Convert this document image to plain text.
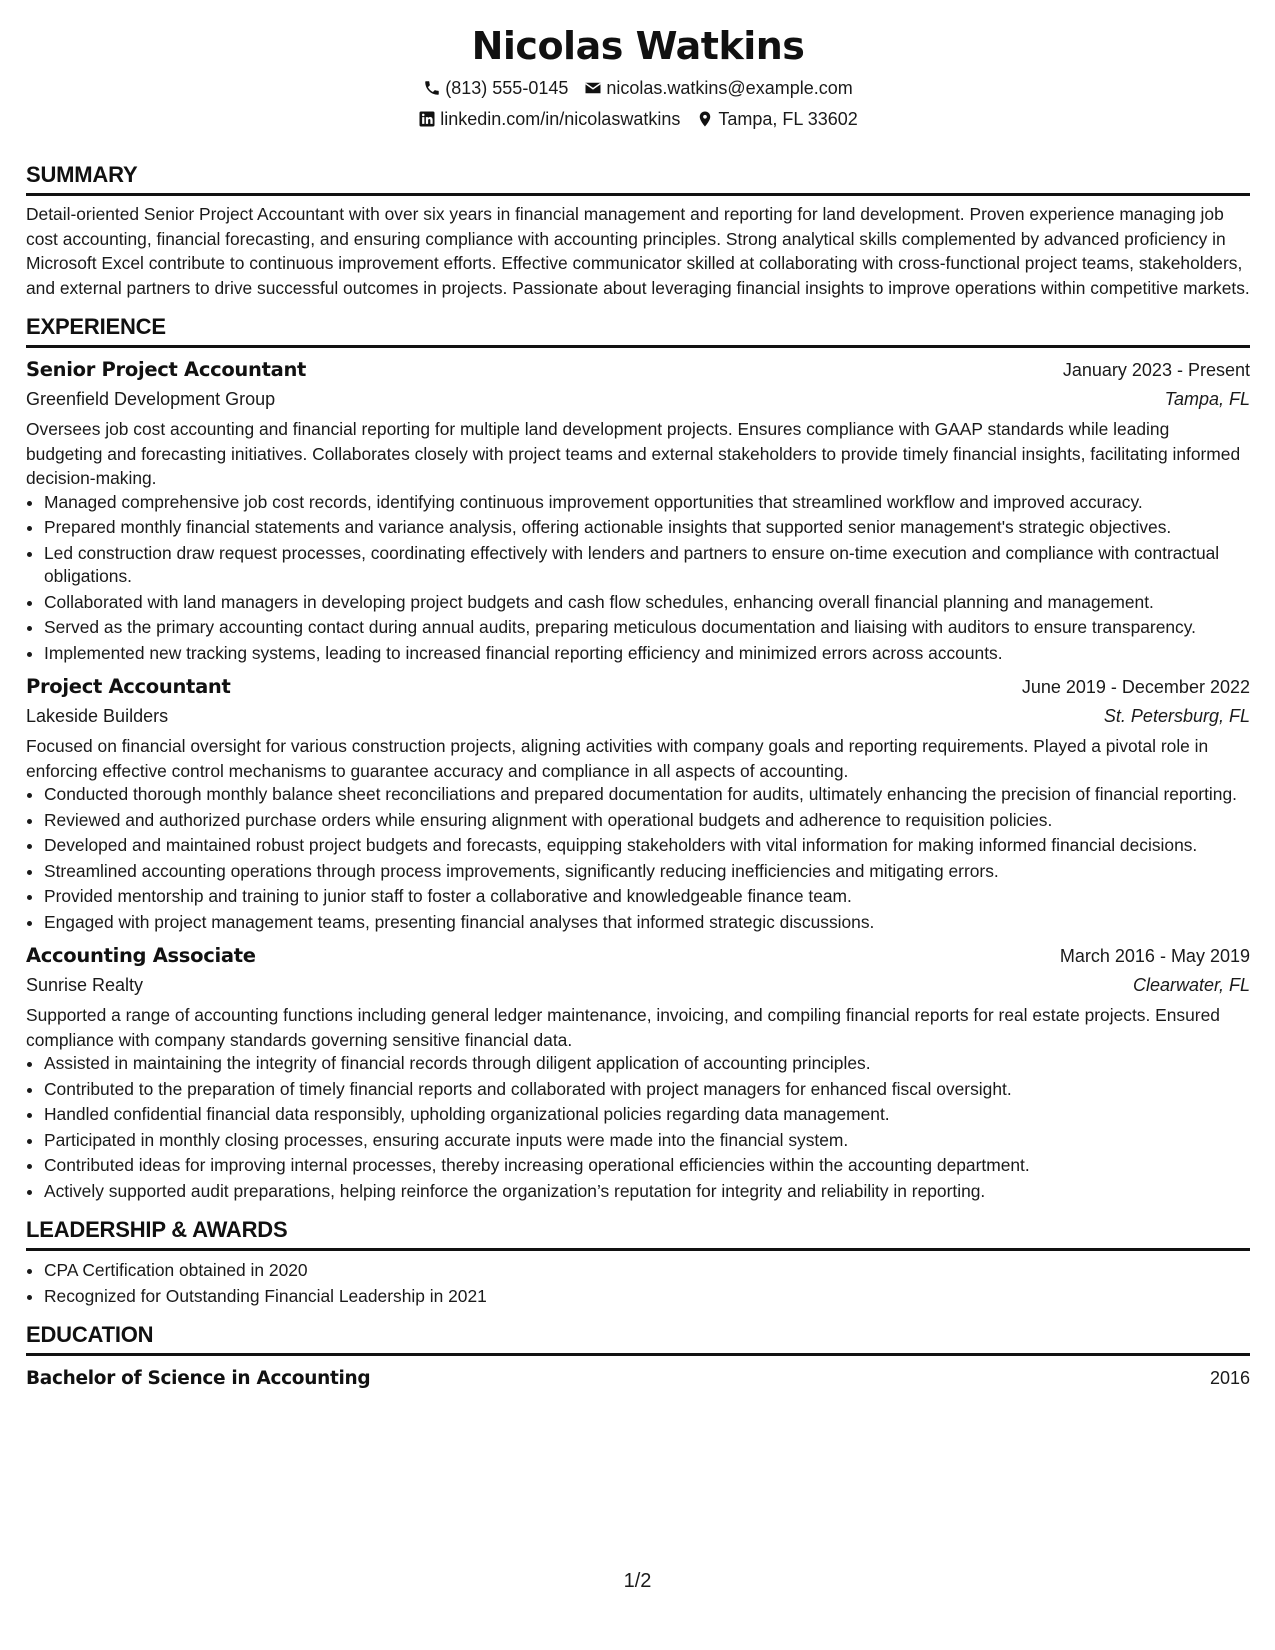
Nicolas Watkins
(813) 555-0145 nicolas.watkins@example.com
linkedin.com/in/nicolaswatkins Tampa, FL 33602
SUMMARY

Detail-oriented Senior Project Accountant with over six years in financial management and reporting for land development. Proven experience managing job cost accounting, financial forecasting, and ensuring compliance with accounting principles. Strong analytical skills complemented by advanced proficiency in Microsoft Excel contribute to continuous improvement efforts. Effective communicator skilled at collaborating with cross-functional project teams, stakeholders, and external partners to drive successful outcomes in projects. Passionate about leveraging financial insights to improve operations within competitive markets.

EXPERIENCE
Senior Project Accountant	January 2023 - Present
Greenfield Development Group	Tampa, FL

Oversees job cost accounting and financial reporting for multiple land development projects. Ensures compliance with GAAP standards while leading budgeting and forecasting initiatives. Collaborates closely with project teams and external stakeholders to provide timely financial insights, facilitating informed decision-making.

• Managed comprehensive job cost records, identifying continuous improvement opportunities that streamlined workflow and improved accuracy.
• Prepared monthly financial statements and variance analysis, offering actionable insights that supported senior management's strategic objectives.
• Led construction draw request processes, coordinating effectively with lenders and partners to ensure on-time execution and compliance with contractual obligations.
• Collaborated with land managers in developing project budgets and cash flow schedules, enhancing overall financial planning and management.
• Served as the primary accounting contact during annual audits, preparing meticulous documentation and liaising with auditors to ensure transparency.
• Implemented new tracking systems, leading to increased financial reporting efficiency and minimized errors across accounts.
Project Accountant	June 2019 - December 2022
Lakeside Builders	St. Petersburg, FL

Focused on financial oversight for various construction projects, aligning activities with company goals and reporting requirements. Played a pivotal role in enforcing effective control mechanisms to guarantee accuracy and compliance in all aspects of accounting.

• Conducted thorough monthly balance sheet reconciliations and prepared documentation for audits, ultimately enhancing the precision of financial reporting.
• Reviewed and authorized purchase orders while ensuring alignment with operational budgets and adherence to requisition policies.
• Developed and maintained robust project budgets and forecasts, equipping stakeholders with vital information for making informed financial decisions.
• Streamlined accounting operations through process improvements, significantly reducing inefficiencies and mitigating errors.
• Provided mentorship and training to junior staff to foster a collaborative and knowledgeable finance team.
• Engaged with project management teams, presenting financial analyses that informed strategic discussions.
Accounting Associate	March 2016 - May 2019
Sunrise Realty	Clearwater, FL

Supported a range of accounting functions including general ledger maintenance, invoicing, and compiling financial reports for real estate projects. Ensured compliance with company standards governing sensitive financial data.

• Assisted in maintaining the integrity of financial records through diligent application of accounting principles.
• Contributed to the preparation of timely financial reports and collaborated with project managers for enhanced fiscal oversight.
• Handled confidential financial data responsibly, upholding organizational policies regarding data management.
• Participated in monthly closing processes, ensuring accurate inputs were made into the financial system.
• Contributed ideas for improving internal processes, thereby increasing operational efficiencies within the accounting department.
• Actively supported audit preparations, helping reinforce the organization’s reputation for integrity and reliability in reporting.
LEADERSHIP & AWARDS
• CPA Certification obtained in 2020
• Recognized for Outstanding Financial Leadership in 2021
EDUCATION
Bachelor of Science in Accounting	2016
1/2
